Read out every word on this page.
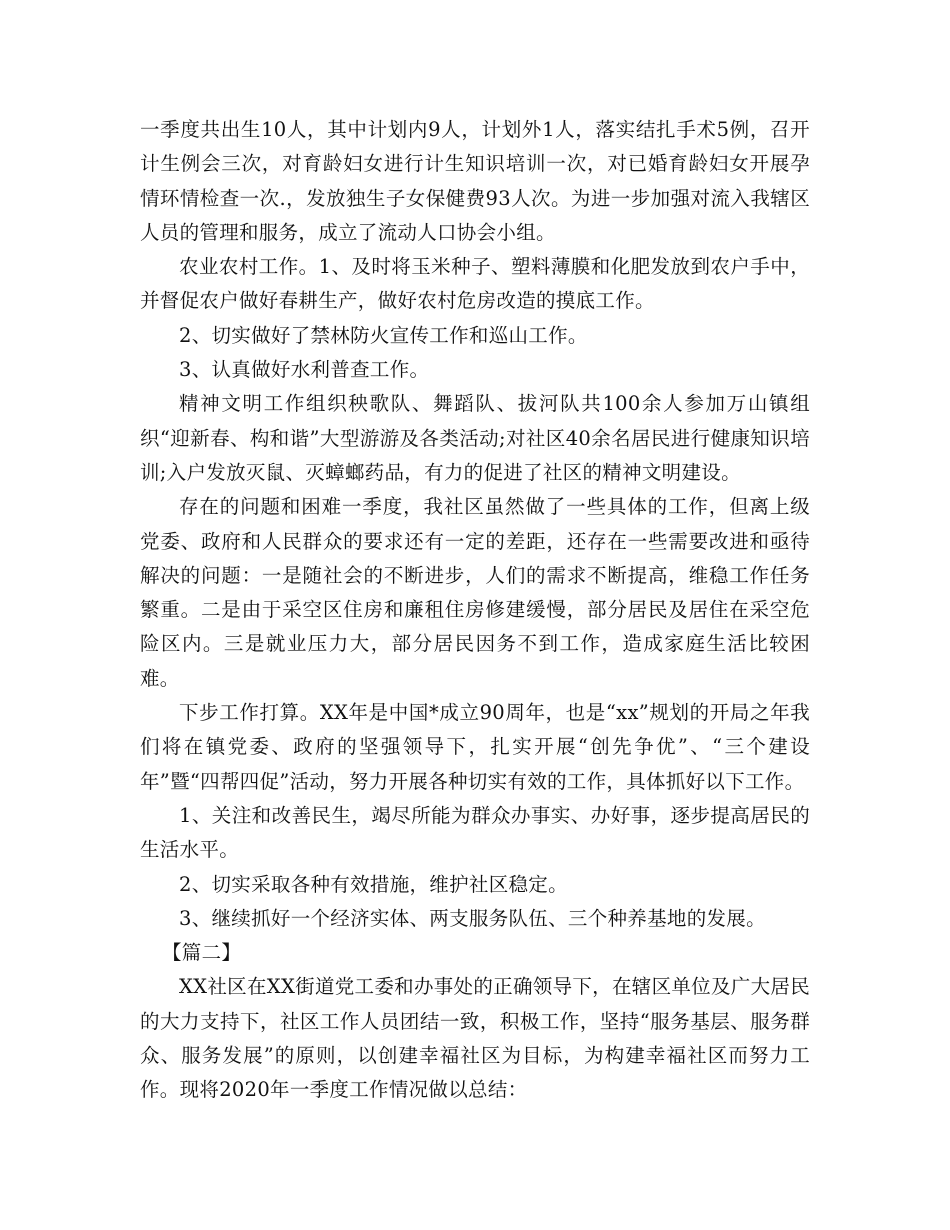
一季度共出生10人，其中计划内9人，计划外1人，落实结扎手术5例，召开计生例会三次，对育龄妇女进行计生知识培训一次，对已婚育龄妇女开展孕情环情检查一次.，发放独生子女保健费93人次。为进一步加强对流入我辖区人员的管理和服务，成立了流动人口协会小组。

农业农村工作。1、及时将玉米种子、塑料薄膜和化肥发放到农户手中，并督促农户做好春耕生产，做好农村危房改造的摸底工作。

2、切实做好了禁林防火宣传工作和巡山工作。

3、认真做好水利普查工作。

精神文明工作组织秧歌队、舞蹈队、拔河队共100余人参加万山镇组织“迎新春、构和谐”大型游游及各类活动;对社区40余名居民进行健康知识培训;入户发放灭鼠、灭蟑螂药品，有力的促进了社区的精神文明建设。

存在的问题和困难一季度，我社区虽然做了一些具体的工作，但离上级党委、政府和人民群众的要求还有一定的差距，还存在一些需要改进和亟待解决的问题：一是随社会的不断进步，人们的需求不断提高，维稳工作任务繁重。二是由于采空区住房和廉租住房修建缓慢，部分居民及居住在采空危险区内。三是就业压力大，部分居民因务不到工作，造成家庭生活比较困难。

下步工作打算。XX年是中国*成立90周年，也是“xx”规划的开局之年我们将在镇党委、政府的坚强领导下，扎实开展“创先争优”、“三个建设年”暨“四帮四促”活动，努力开展各种切实有效的工作，具体抓好以下工作。

1、关注和改善民生，竭尽所能为群众办事实、办好事，逐步提高居民的生活水平。

2、切实采取各种有效措施，维护社区稳定。

3、继续抓好一个经济实体、两支服务队伍、三个种养基地的发展。

【篇二】

XX社区在XX街道党工委和办事处的正确领导下，在辖区单位及广大居民的大力支持下，社区工作人员团结一致，积极工作，坚持“服务基层、服务群众、服务发展”的原则，以创建幸福社区为目标，为构建幸福社区而努力工作。现将2020年一季度工作情况做以总结：
